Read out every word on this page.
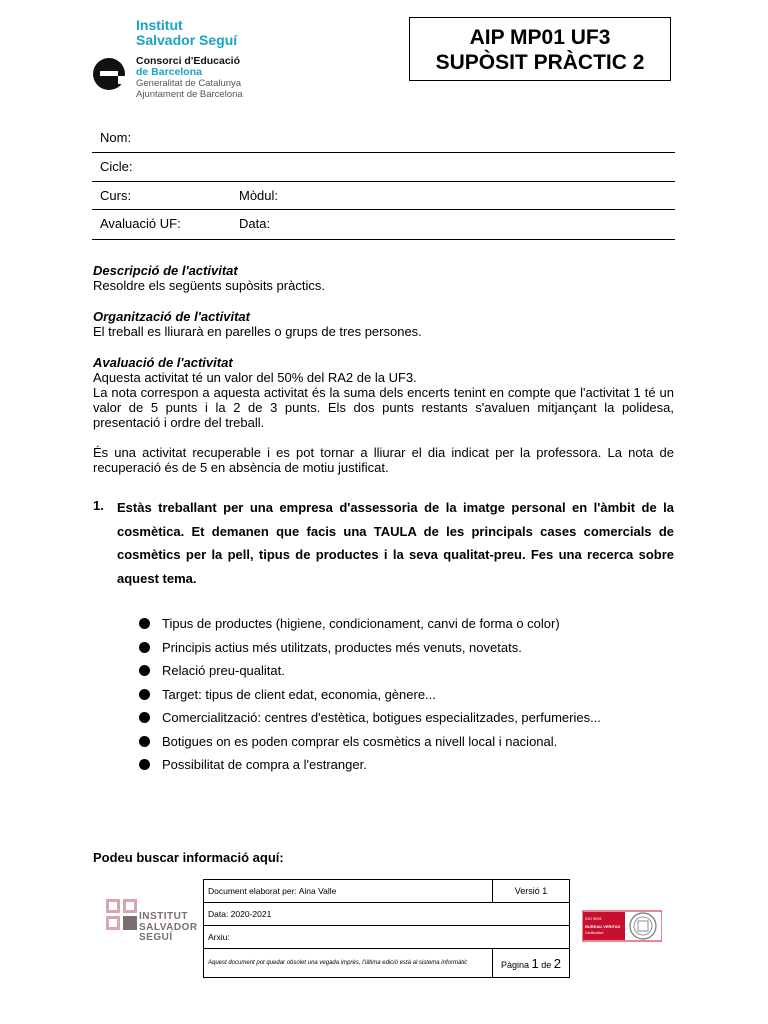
Institut
Salvador Seguí
Consorci d'Educació
de Barcelona
Generalitat de Catalunya
Ajuntament de Barcelona
AIP MP01 UF3
SUPÒSIT PRÀCTIC 2
Nom:
Cicle:
Curs:	Mòdul:
Avaluació UF:	Data:
Descripció de l'activitat
Resoldre els següents supòsits pràctics.
Organització de l'activitat
El treball es lliurarà en parelles o grups de tres persones.
Avaluació de l'activitat
Aquesta activitat té un valor del 50% del RA2 de la UF3.
La nota correspon a aquesta activitat és la suma dels encerts tenint en compte que l'activitat 1 té un valor de 5 punts i la 2 de 3 punts. Els dos punts restants s'avaluen mitjançant la polidesa, presentació i ordre del treball.
És una activitat recuperable i es pot tornar a lliurar el dia indicat per la professora. La nota de recuperació és de 5 en absència de motiu justificat.
1. Estàs treballant per una empresa d'assessoria de la imatge personal en l'àmbit de la cosmètica. Et demanen que facis una TAULA de les principals cases comercials de cosmètics per la pell, tipus de productes i la seva qualitat-preu. Fes una recerca sobre aquest tema.
Tipus de productes (higiene, condicionament, canvi de forma o color)
Principis actius més utilitzats, productes més venuts, novetats.
Relació preu-qualitat.
Target: tipus de client edat, economia, gènere...
Comercialització: centres d'estètica, botigues especialitzades, perfumeries...
Botigues on es poden comprar els cosmètics a nivell local i nacional.
Possibilitat de compra a l'estranger.
Podeu buscar informació aquí:
INSTITUT
SALVADOR
SEGUÍ
Document elaborat per: Aina Valle	Versió 1
Data: 2020-2021	
Arxiu:	
Aquest document pot quedar obsolet una vegada imprès, l'última edició està al sistema informàtic	Pàgina 1 de 2
ISO 9001
BUREAU VERITAS
Certification
